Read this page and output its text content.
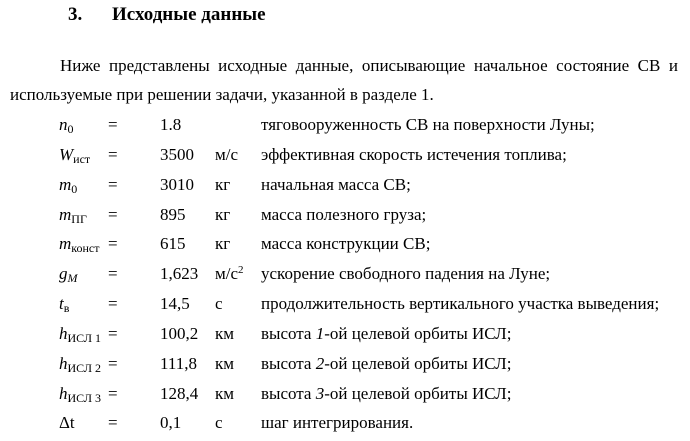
3. Исходные данные
Ниже представлены исходные данные, описывающие начальное состояние СВ и
используемые при решении задачи, указанной в разделе 1.
$n_0 = 1.8$	тяговооруженность СВ на поверхности Луны;
$W_{ист} = 3500$ м/с эффективная скорость истечения топлива;
$m_0 = 3010$ кг начальная масса СВ;
$m_{ПГ} = 895$ кг масса полезного груза;
$m_{конст} = 615$ кг масса конструкции СВ;
$g_M = 1,623$ $м/с^2$ ускорение свободного падения на Луне;
$t_в = 14,5$ с продолжительность вертикального участка выведения;
$h_{ИСЛ 1} = 100,2$ км высота 1-ой целевой орбиты ИСЛ;
$h_{ИСЛ 2} = 111,8$ км высота 2-ой целевой орбиты ИСЛ;
$h_{ИСЛ 3} = 128,4$ км высота 3-ой целевой орбиты ИСЛ;
Δt = 0,1 с шаг интегрирования.
